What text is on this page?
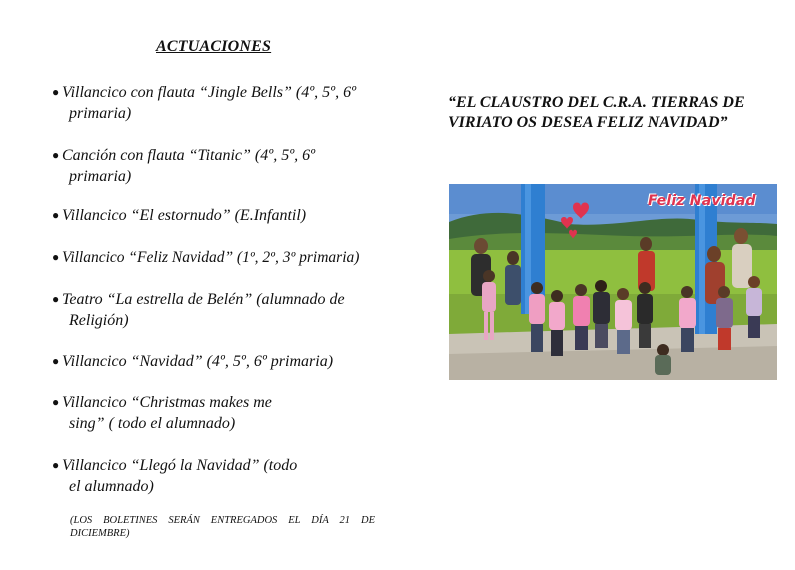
ACTUACIONES
● Villancico con flauta “Jingle Bells” (4º, 5º, 6º
primaria)
● Canción con flauta “Titanic” (4º, 5º, 6º
primaria)
● Villancico “El estornudo” (E.Infantil)
● Villancico “Feliz Navidad” (1º, 2º, 3º primaria)
● Teatro “La estrella de Belén” (alumnado de
Religión)
● Villancico “Navidad” (4º, 5º, 6º primaria)
● Villancico “Christmas makes me
sing” ( todo el alumnado)
● Villancico “Llegó la Navidad” (todo
el alumnado)
(LOS BOLETINES SERÁN ENTREGADOS EL DÍA 21 DE DICIEMBRE)
“EL CLAUSTRO DEL C.R.A. TIERRAS DE
VIRIATO OS DESEA FELIZ NAVIDAD”
Feliz Navidad
